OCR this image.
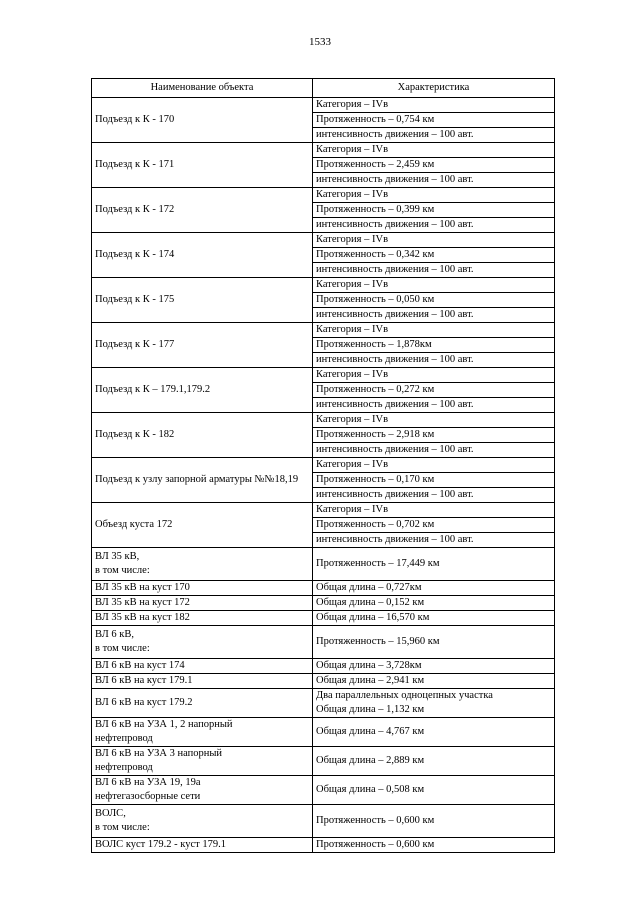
1533
Наименование объекта	Характеристика
Подъезд к К - 170	Категория – IVв
	Протяженность – 0,754 км
	интенсивность движения – 100 авт.
Подъезд к К - 171	Категория – IVв
	Протяженность – 2,459 км
	интенсивность движения – 100 авт.
Подъезд к К - 172	Категория – IVв
	Протяженность – 0,399 км
	интенсивность движения – 100 авт.
Подъезд к К - 174	Категория – IVв
	Протяженность – 0,342 км
	интенсивность движения – 100 авт.
Подъезд к К - 175	Категория – IVв
	Протяженность – 0,050 км
	интенсивность движения – 100 авт.
Подъезд к К - 177	Категория – IVв
	Протяженность – 1,878км
	интенсивность движения – 100 авт.
Подъезд к К – 179.1,179.2	Категория – IVв
	Протяженность – 0,272 км
	интенсивность движения – 100 авт.
Подъезд к К - 182	Категория – IVв
	Протяженность – 2,918 км
	интенсивность движения – 100 авт.
Подъезд к узлу запорной арматуры №№18,19	Категория – IVв
	Протяженность – 0,170 км
	интенсивность движения – 100 авт.
Объезд куста 172	Категория – IVв
	Протяженность – 0,702 км
	интенсивность движения – 100 авт.

ВЛ 35 кВ,
в том числе:	Протяженность – 17,449 км

ВЛ 35 кВ на куст 170	Общая длина – 0,727км

ВЛ 35 кВ на куст 172	Общая длина – 0,152 км

ВЛ 35 кВ на куст 182	Общая длина – 16,570 км

ВЛ 6 кВ,
в том числе:	Протяженность – 15,960 км

ВЛ 6 кВ на куст 174	Общая длина – 3,728км

ВЛ 6 кВ на куст 179.1	Общая длина – 2,941 км

ВЛ 6 кВ на куст 179.2	Два параллельных одноцепных участка
Общая длина – 1,132 км

ВЛ 6 кВ на УЗА 1, 2 напорный
нефтепровод	Общая длина – 4,767 км

ВЛ 6 кВ на УЗА 3 напорный
нефтепровод	Общая длина – 2,889 км

ВЛ 6 кВ на УЗА 19, 19а
нефтегазосборные сети	Общая длина – 0,508 км

ВОЛС,
в том числе:	Протяженность – 0,600 км

ВОЛС куст 179.2 - куст 179.1	Протяженность – 0,600 км
